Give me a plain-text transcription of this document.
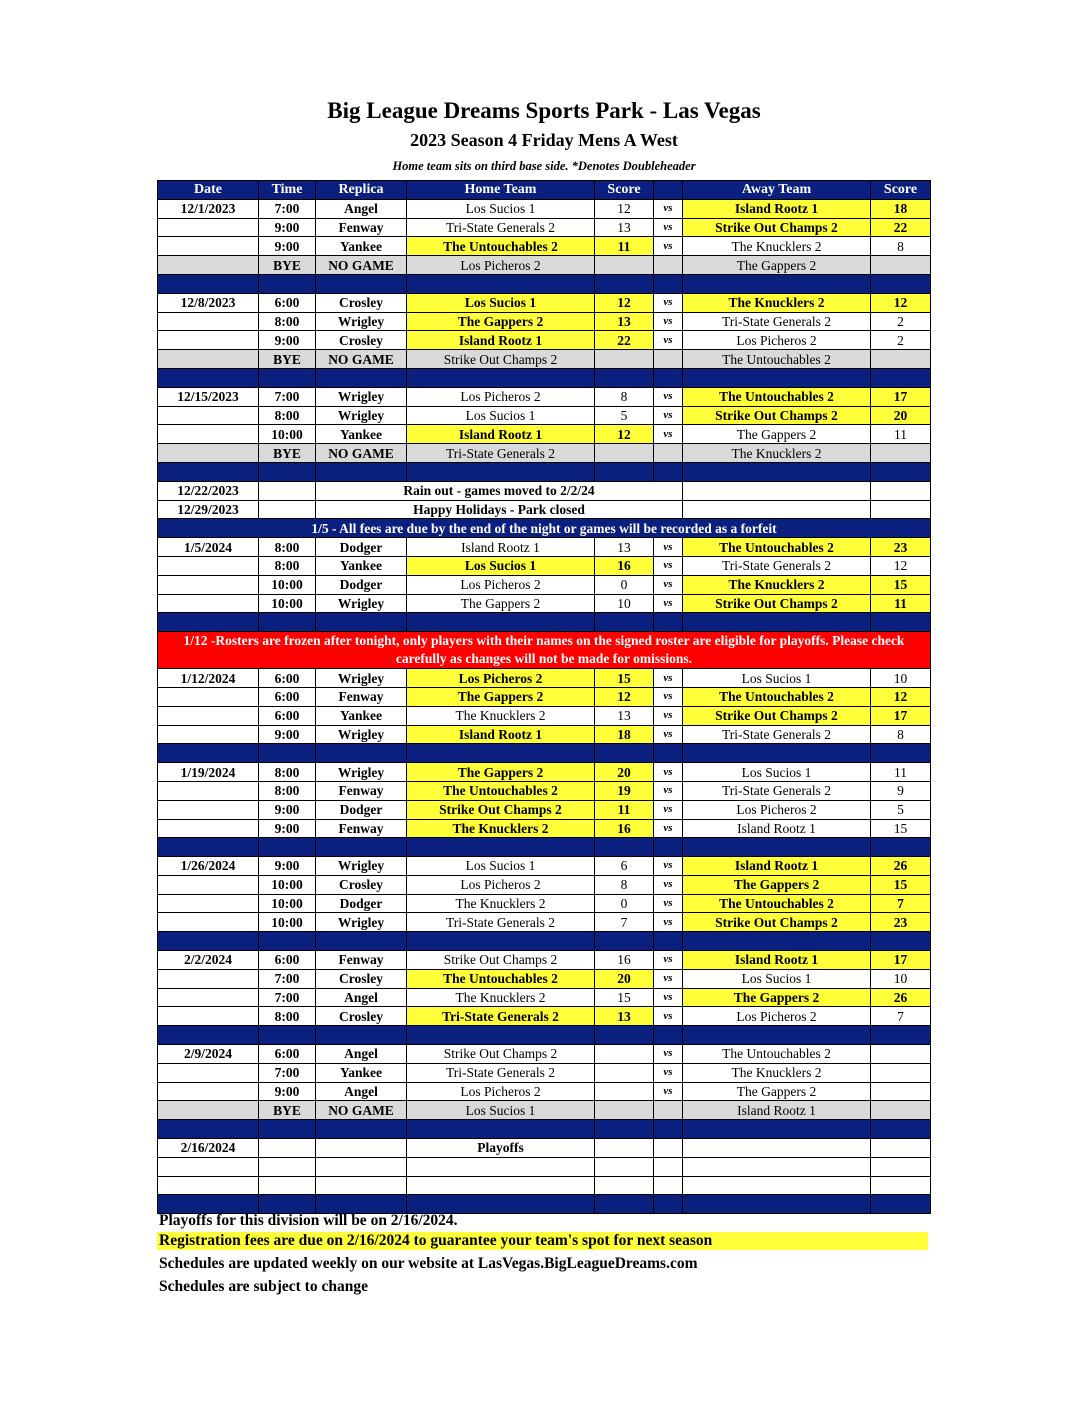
Big League Dreams Sports Park - Las Vegas
2023 Season 4 Friday Mens A West
Home team sits on third base side. *Denotes Doubleheader
Date	Time	Replica	Home Team	Score		Away Team	Score
12/1/2023	7:00	Angel	Los Sucios 1	12	vs	Island Rootz 1	18
	9:00	Fenway	Tri-State Generals 2	13	vs	Strike Out Champs 2	22
	9:00	Yankee	The Untouchables 2	11	vs	The Knucklers 2	8
	BYE	NO GAME	Los Picheros 2			The Gappers 2	

12/8/2023	6:00	Crosley	Los Sucios 1	12	vs	The Knucklers 2	12
	8:00	Wrigley	The Gappers 2	13	vs	Tri-State Generals 2	2
	9:00	Crosley	Island Rootz 1	22	vs	Los Picheros 2	2
	BYE	NO GAME	Strike Out Champs 2			The Untouchables 2	

12/15/2023	7:00	Wrigley	Los Picheros 2	8	vs	The Untouchables 2	17
	8:00	Wrigley	Los Sucios 1	5	vs	Strike Out Champs 2	20
	10:00	Yankee	Island Rootz 1	12	vs	The Gappers 2	11
	BYE	NO GAME	Tri-State Generals 2			The Knucklers 2	

12/22/2023		Rain out - games moved to 2/2/24					
12/29/2023		Happy Holidays - Park closed					
1/5 - All fees are due by the end of the night or games will be recorded as a forfeit							
1/5/2024	8:00	Dodger	Island Rootz 1	13	vs	The Untouchables 2	23
	8:00	Yankee	Los Sucios 1	16	vs	Tri-State Generals 2	12
	10:00	Dodger	Los Picheros 2	0	vs	The Knucklers 2	15
	10:00	Wrigley	The Gappers 2	10	vs	Strike Out Champs 2	11

1/12 -Rosters are frozen after tonight, only players with their names on the signed roster are eligible for playoffs. Please check carefully as changes will not be made for omissions.							
1/12/2024	6:00	Wrigley	Los Picheros 2	15	vs	Los Sucios 1	10
	6:00	Fenway	The Gappers 2	12	vs	The Untouchables 2	12
	6:00	Yankee	The Knucklers 2	13	vs	Strike Out Champs 2	17
	9:00	Wrigley	Island Rootz 1	18	vs	Tri-State Generals 2	8

1/19/2024	8:00	Wrigley	The Gappers 2	20	vs	Los Sucios 1	11
	8:00	Fenway	The Untouchables 2	19	vs	Tri-State Generals 2	9
	9:00	Dodger	Strike Out Champs 2	11	vs	Los Picheros 2	5
	9:00	Fenway	The Knucklers 2	16	vs	Island Rootz 1	15

1/26/2024	9:00	Wrigley	Los Sucios 1	6	vs	Island Rootz 1	26
	10:00	Crosley	Los Picheros 2	8	vs	The Gappers 2	15
	10:00	Dodger	The Knucklers 2	0	vs	The Untouchables 2	7
	10:00	Wrigley	Tri-State Generals 2	7	vs	Strike Out Champs 2	23

2/2/2024	6:00	Fenway	Strike Out Champs 2	16	vs	Island Rootz 1	17
	7:00	Crosley	The Untouchables 2	20	vs	Los Sucios 1	10
	7:00	Angel	The Knucklers 2	15	vs	The Gappers 2	26
	8:00	Crosley	Tri-State Generals 2	13	vs	Los Picheros 2	7

2/9/2024	6:00	Angel	Strike Out Champs 2		vs	The Untouchables 2	
	7:00	Yankee	Tri-State Generals 2		vs	The Knucklers 2	
	9:00	Angel	Los Picheros 2		vs	The Gappers 2	
	BYE	NO GAME	Los Sucios 1			Island Rootz 1	

2/16/2024			Playoffs				

Playoffs for this division will be on 2/16/2024.
Registration fees are due on 2/16/2024 to guarantee your team's spot for next season
Schedules are updated weekly on our website at LasVegas.BigLeagueDreams.com
Schedules are subject to change
